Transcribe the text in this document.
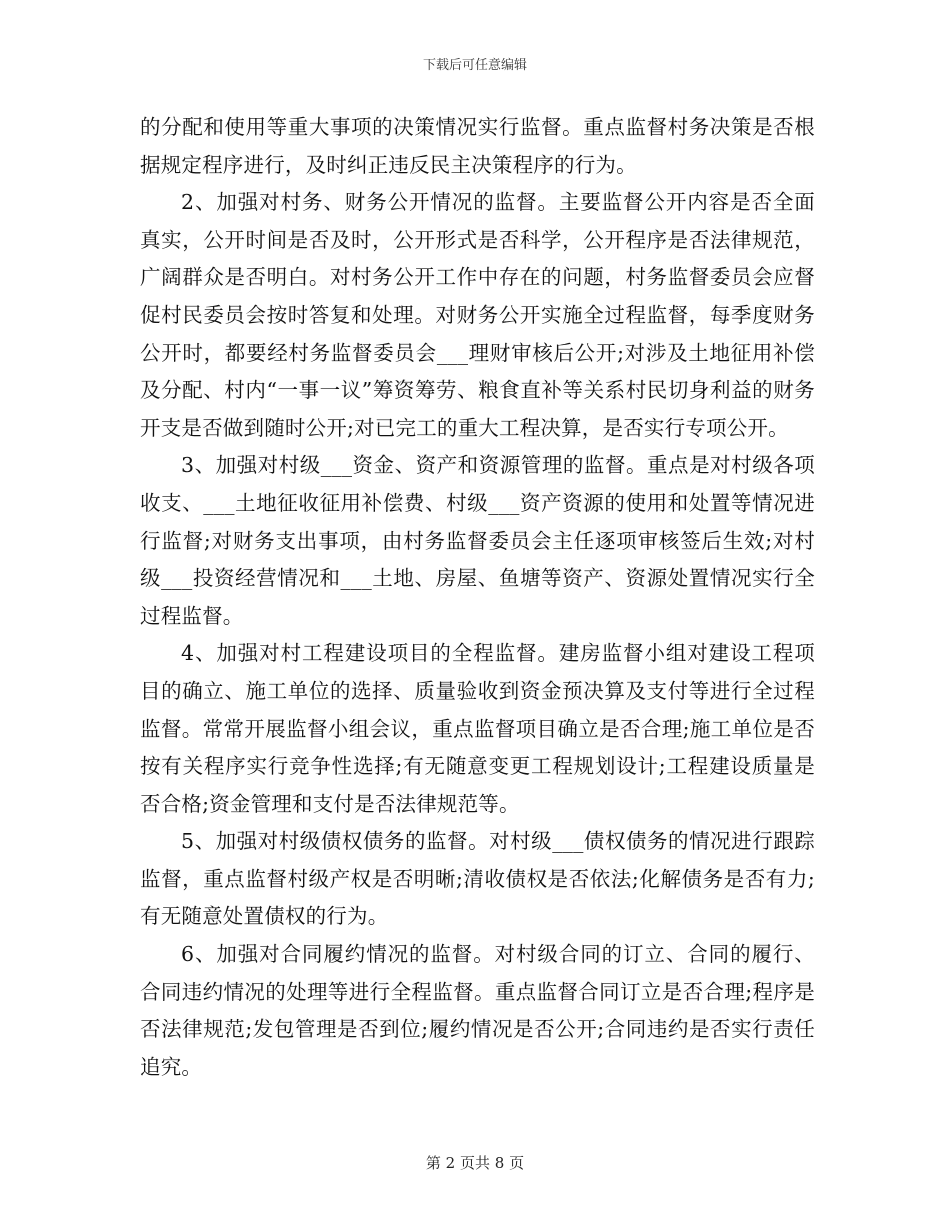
下载后可任意编辑

的分配和使用等重大事项的决策情况实行监督。重点监督村务决策是否根据规定程序进行，及时纠正违反民主决策程序的行为。

2、加强对村务、财务公开情况的监督。主要监督公开内容是否全面真实，公开时间是否及时，公开形式是否科学，公开程序是否法律规范，广阔群众是否明白。对村务公开工作中存在的问题，村务监督委员会应督促村民委员会按时答复和处理。对财务公开实施全过程监督，每季度财务公开时，都要经村务监督委员会___理财审核后公开;对涉及土地征用补偿及分配、村内“一事一议”筹资筹劳、粮食直补等关系村民切身利益的财务开支是否做到随时公开;对已完工的重大工程决算，是否实行专项公开。

3、加强对村级___资金、资产和资源管理的监督。重点是对村级各项收支、___土地征收征用补偿费、村级___资产资源的使用和处置等情况进行监督;对财务支出事项，由村务监督委员会主任逐项审核签后生效;对村级___投资经营情况和___土地、房屋、鱼塘等资产、资源处置情况实行全过程监督。

4、加强对村工程建设项目的全程监督。建房监督小组对建设工程项目的确立、施工单位的选择、质量验收到资金预决算及支付等进行全过程监督。常常开展监督小组会议，重点监督项目确立是否合理;施工单位是否按有关程序实行竞争性选择;有无随意变更工程规划设计;工程建设质量是否合格;资金管理和支付是否法律规范等。

5、加强对村级债权债务的监督。对村级___债权债务的情况进行跟踪监督，重点监督村级产权是否明晰;清收债权是否依法;化解债务是否有力;有无随意处置债权的行为。

6、加强对合同履约情况的监督。对村级合同的订立、合同的履行、合同违约情况的处理等进行全程监督。重点监督合同订立是否合理;程序是否法律规范;发包管理是否到位;履约情况是否公开;合同违约是否实行责任追究。

第 2 页共 8 页
